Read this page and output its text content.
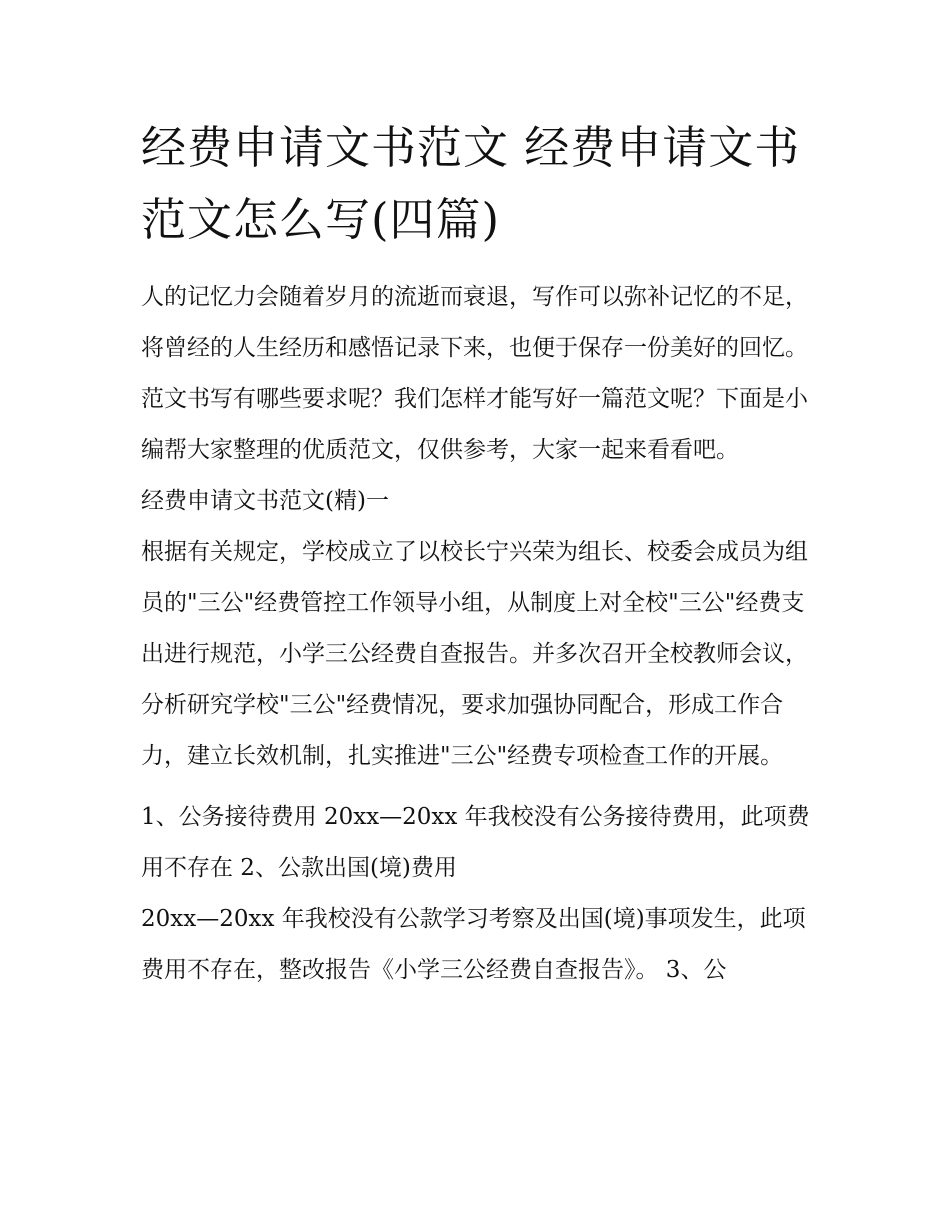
经费申请文书范文 经费申请文书范文怎么写(四篇)

人的记忆力会随着岁月的流逝而衰退，写作可以弥补记忆的不足，将曾经的人生经历和感悟记录下来，也便于保存一份美好的回忆。范文书写有哪些要求呢？我们怎样才能写好一篇范文呢？下面是小编帮大家整理的优质范文，仅供参考，大家一起来看看吧。

经费申请文书范文(精)一

根据有关规定，学校成立了以校长宁兴荣为组长、校委会成员为组员的"三公"经费管控工作领导小组，从制度上对全校"三公"经费支出进行规范，小学三公经费自查报告。并多次召开全校教师会议，分析研究学校"三公"经费情况，要求加强协同配合，形成工作合力，建立长效机制，扎实推进"三公"经费专项检查工作的开展。

1、公务接待费用 20xx—20xx 年我校没有公务接待费用，此项费用不存在 2、公款出国(境)费用

20xx—20xx 年我校没有公款学习考察及出国(境)事项发生，此项费用不存在，整改报告《小学三公经费自查报告》。 3、公
